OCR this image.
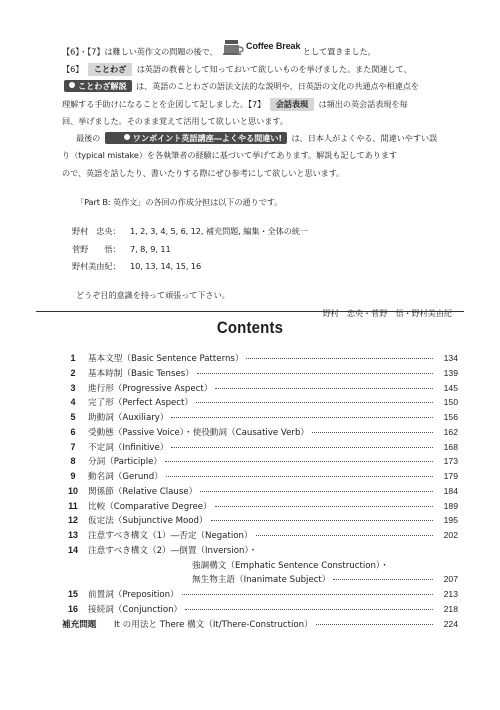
【6】・【7】は難しい英作文の問題の後で、
Coffee Break
として置きました。

【6】 ことわざ は英語の教養として知っておいて欲しいものを挙げました。また関連して、

ことわざ解説 は、英語のことわざの語法文法的な説明や、日英語の文化の共通点や相違点を

理解する手助けになることを企図して記しました。【7】 会話表現 は頻出の英会話表現を毎

回、挙げました。そのまま覚えて活用して欲しいと思います。

最後の	ワンポイント英語講座―よくやる間違い! は、日本人がよくやる、間違いやすい誤

り（typical mistake）を各執筆者の経験に基づいて挙げてあります。解説も記してあります

ので、英語を話したり、書いたりする際にぜひ参考にして欲しいと思います。

「Part B: 英作文」の各回の作成分担は以下の通りです。

野村　忠央：	1, 2, 3, 4, 5, 6, 12, 補充問題, 編集・全体の統一
菅野　　悟：	7, 8, 9, 11
野村美由紀：	10, 13, 14, 15, 16

どうぞ目的意識を持って頑張って下さい。

野村　忠央・菅野　悟・野村美由紀

Contents
1	基本文型（Basic Sentence Patterns）	134
2	基本時制（Basic Tenses）	139
3	進行形（Progressive Aspect）	145
4	完了形（Perfect Aspect）	150
5	助動詞（Auxiliary）	156
6	受動態（Passive Voice）・使役動詞（Causative Verb）	162
7	不定詞（Infinitive）	168
8	分詞（Participle）	173
9	動名詞（Gerund）	179
10	関係節（Relative Clause）	184
11	比較（Comparative Degree）	189
12	仮定法（Subjunctive Mood）	195
13	注意すべき構文（1）―否定（Negation）	202
14	注意すべき構文（2）―倒置（Inversion）・
強調構文（Emphatic Sentence Construction）・
無生物主語（Inanimate Subject）	207
15	前置詞（Preposition）	213
16	接続詞（Conjunction）	218
補充問題	It の用法と There 構文（It/There-Construction）	224
